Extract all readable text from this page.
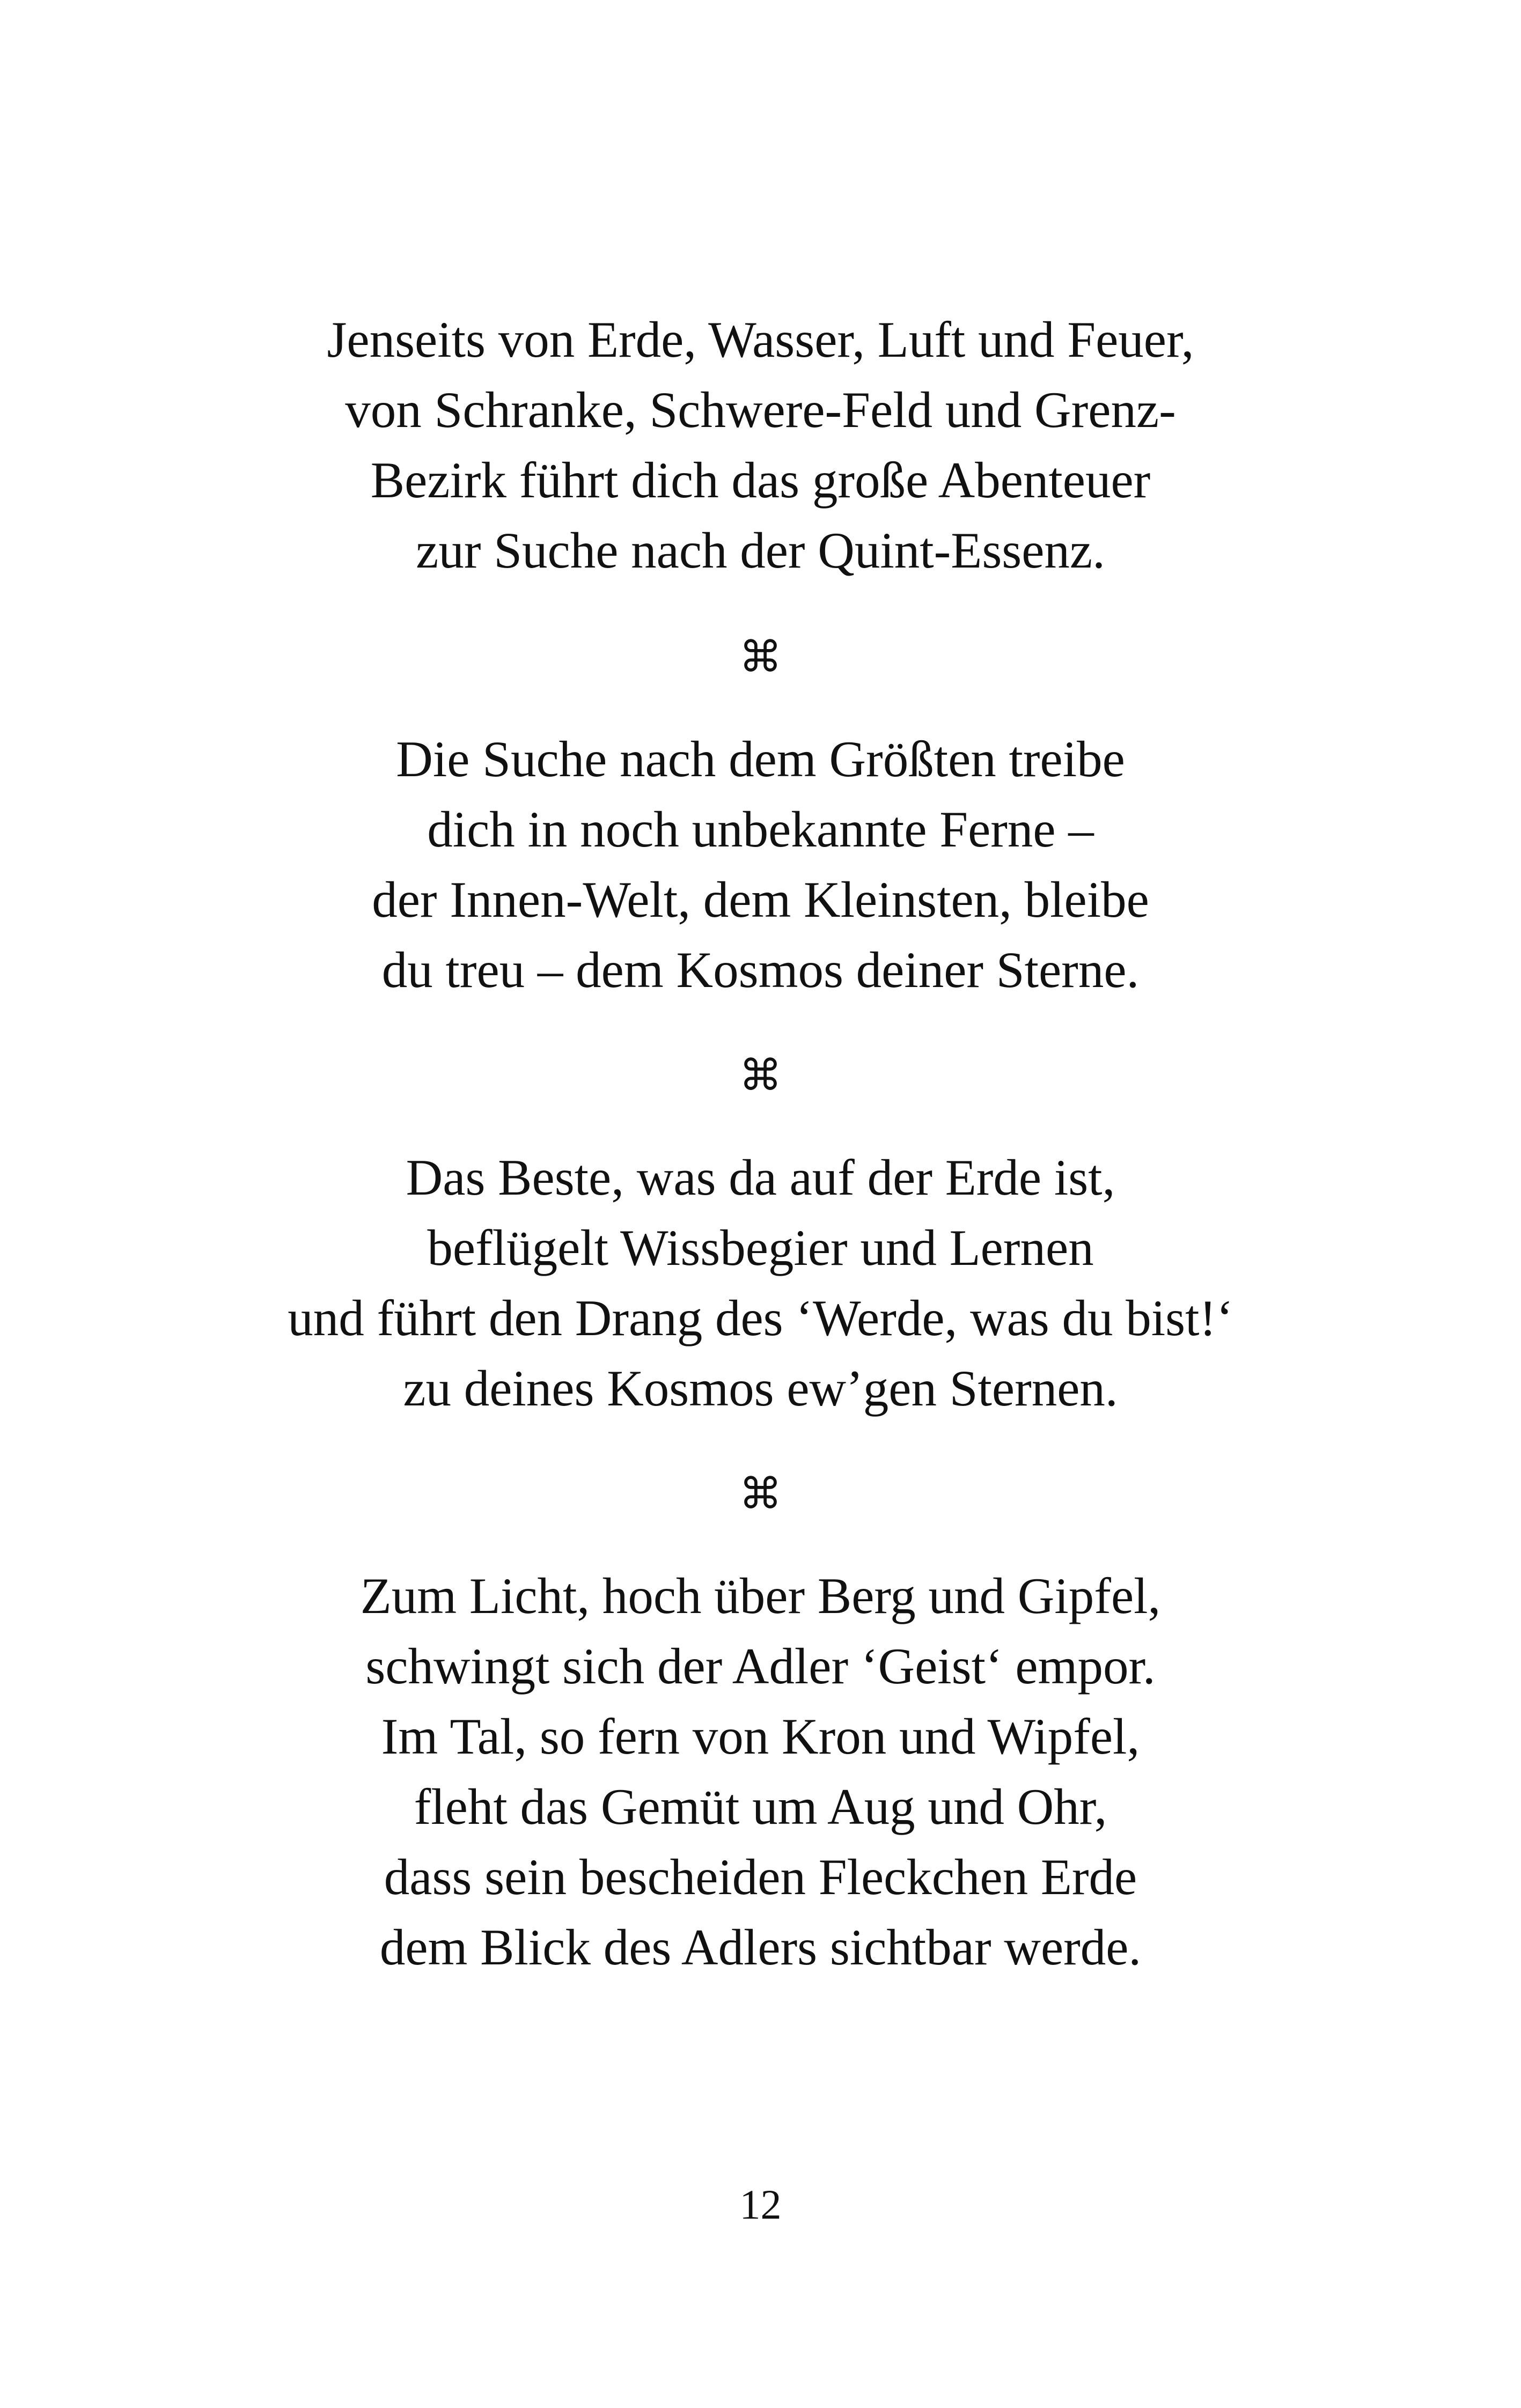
Jenseits von Erde, Wasser, Luft und Feuer,
von Schranke, Schwere-Feld und Grenz-
Bezirk führt dich das große Abenteuer
zur Suche nach der Quint-Essenz.
⌘
Die Suche nach dem Größten treibe
dich in noch unbekannte Ferne –
der Innen-Welt, dem Kleinsten, bleibe
du treu – dem Kosmos deiner Sterne.
⌘
Das Beste, was da auf der Erde ist,
beflügelt Wissbegier und Lernen
und führt den Drang des ‘Werde, was du bist!‘
zu deines Kosmos ew’gen Sternen.
⌘
Zum Licht, hoch über Berg und Gipfel,
schwingt sich der Adler ‘Geist‘ empor.
Im Tal, so fern von Kron und Wipfel,
fleht das Gemüt um Aug und Ohr,
dass sein bescheiden Fleckchen Erde
dem Blick des Adlers sichtbar werde.
12
